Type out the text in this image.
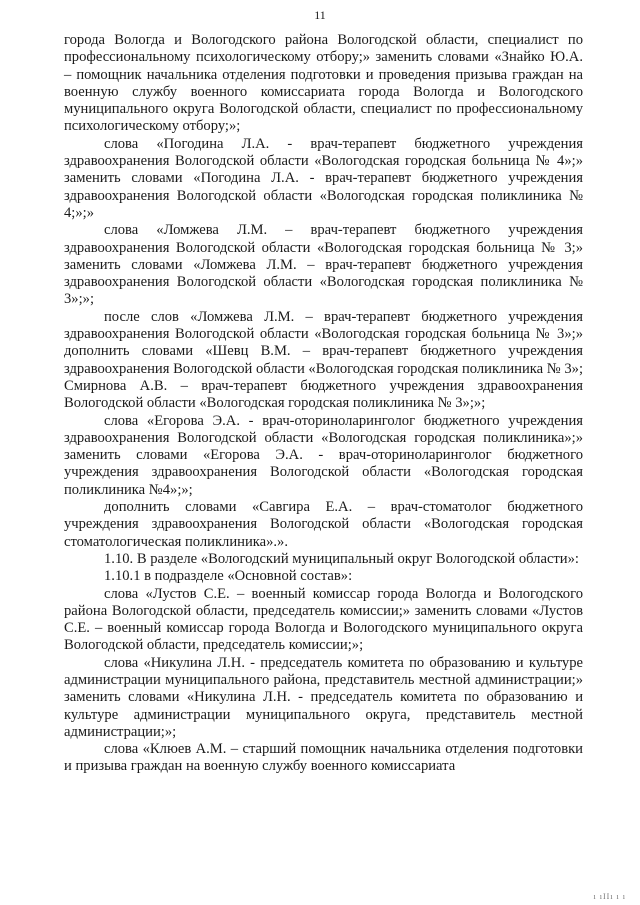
11

города Вологда и Вологодского района Вологодской области, специалист по профессиональному психологическому отбору;» заменить словами «Знайко Ю.А. – помощник начальника отделения подготовки и проведения призыва граждан на военную службу военного комиссариата города Вологда и Вологодского муниципального округа Вологодской области, специалист по профессиональному психологическому отбору;»;

слова «Погодина Л.А. - врач-терапевт бюджетного учреждения здравоохранения Вологодской области «Вологодская городская больница № 4»;» заменить словами «Погодина Л.А. - врач-терапевт бюджетного учреждения здравоохранения Вологодской области «Вологодская городская поликлиника № 4;»;»

слова «Ломжева Л.М. – врач-терапевт бюджетного учреждения здравоохранения Вологодской области «Вологодская городская больница № 3;» заменить словами «Ломжева Л.М. – врач-терапевт бюджетного учреждения здравоохранения Вологодской области «Вологодская городская поликлиника № 3»;»;

после слов «Ломжева Л.М. – врач-терапевт бюджетного учреждения здравоохранения Вологодской области «Вологодская городская больница № 3»;» дополнить словами «Шевц В.М. – врач-терапевт бюджетного учреждения здравоохранения Вологодской области «Вологодская городская поликлиника № 3»; Смирнова А.В. – врач-терапевт бюджетного учреждения здравоохранения Вологодской области «Вологодская городская поликлиника № 3»;»;

слова «Егорова Э.А. - врач-оториноларинголог бюджетного учреждения здравоохранения Вологодской области «Вологодская городская поликлиника»;» заменить словами «Егорова Э.А. - врач-оториноларинголог бюджетного учреждения здравоохранения Вологодской области «Вологодская городская поликлиника №4»;»;

дополнить словами «Савгира Е.А. – врач-стоматолог бюджетного учреждения здравоохранения Вологодской области «Вологодская городская стоматологическая поликлиника».».

1.10. В разделе «Вологодский муниципальный округ Вологодской области»:

1.10.1 в подразделе «Основной состав»:

слова «Лустов С.Е. – военный комиссар города Вологда и Вологодского района Вологодской области, председатель комиссии;» заменить словами «Лустов С.Е. – военный комиссар города Вологда и Вологодского муниципального округа Вологодской области, председатель комиссии;»;

слова «Никулина Л.Н. - председатель комитета по образованию и культуре администрации муниципального района, представитель местной администрации;» заменить словами «Никулина Л.Н. - председатель комитета по образованию и культуре администрации муниципального округа, представитель местной администрации;»;

слова «Клюев А.М. – старший помощник начальника отделения подготовки и призыва граждан на военную службу военного комиссариата

ı ıIIı ı ı
